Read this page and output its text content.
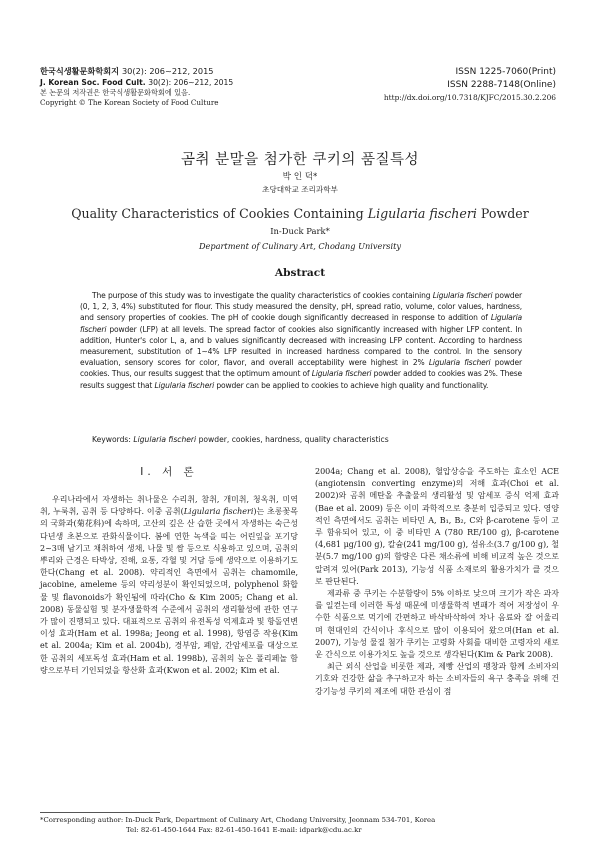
한국식생활문화학회지 30(2): 206~212, 2015
J. Korean Soc. Food Cult. 30(2): 206~212, 2015
본 논문의 저작권은 한국식생활문화학회에 있음.
Copyright © The Korean Society of Food Culture
ISSN 1225-7060(Print)
ISSN 2288-7148(Online)
http://dx.doi.org/10.7318/KJFC/2015.30.2.206
곰취 분말을 첨가한 쿠키의 품질특성
박 인 덕*
초당대학교 조리과학부
Quality Characteristics of Cookies Containing Ligularia fischeri Powder
In-Duck Park*
Department of Culinary Art, Chodang University
Abstract
The purpose of this study was to investigate the quality characteristics of cookies containing Ligularia fischeri powder (0, 1, 2, 3, 4%) substituted for flour. This study measured the density, pH, spread ratio, volume, color values, hardness, and sensory properties of cookies. The pH of cookie dough significantly decreased in response to addition of Ligularia fischeri powder (LFP) at all levels. The spread factor of cookies also significantly increased with higher LFP content. In addition, Hunter's color L, a, and b values significantly decreased with increasing LFP content. According to hardness measurement, substitution of 1~4% LFP resulted in increased hardness compared to the control. In the sensory evaluation, sensory scores for color, flavor, and overall acceptability were highest in 2% Ligularia fischeri powder cookies. Thus, our results suggest that the optimum amount of Ligularia fischeri powder added to cookies was 2%. These results suggest that Ligularia fischeri powder can be applied to cookies to achieve high quality and functionality.
Keywords: Ligularia fischeri powder, cookies, hardness, quality characteristics
Ⅰ. 서 론

우리나라에서 자생하는 취나물은 수리취, 참취, 개미취, 청옥취, 미역취, 누룩취, 곰취 등 다양하다. 이중 곰취(Ligularia fischeri)는 초롱꽃목의 국화과(菊花科)에 속하며, 고산의 깊은 산 습한 곳에서 자생하는 숙근성 다년생 초본으로 관화식물이다. 봄에 연한 녹색을 띠는 어린잎을 포기당 2~3매 남기고 채취하여 생채, 나물 및 쌈 등으로 식용하고 있으며, 곰취의 뿌리와 근경은 타박상, 진해, 요통, 각혈 및 거담 등에 생약으로 이용하기도 한다(Chang et al. 2008). 약리적인 측면에서 곰취는 chamomile, jacobine, ameleme 등의 약리성분이 확인되었으며, polyphenol 화합물 및 flavonoids가 확인됨에 따라(Cho & Kim 2005; Chang et al. 2008) 동물실험 및 분자생물학적 수준에서 곰취의 생리활성에 관한 연구가 많이 진행되고 있다. 대표적으로 곰취의 유전독성 억제효과 및 항돌연변이성 효과(Ham et al. 1998a; Jeong et al. 1998), 항염증 작용(Kim et al. 2004a; Kim et al. 2004b), 경부암, 폐암, 간암세포를 대상으로 한 곰취의 세포독성 효과(Ham et al. 1998b), 곰취의 높은 폴리페놀 함량으로부터 기인되었을 항산화 효과(Kwon et al. 2002; Kim et al.

2004a; Chang et al. 2008), 혈압상승을 주도하는 효소인 ACE (angiotensin converting enzyme)의 저해 효과(Choi et al. 2002)와 곰취 메탄올 추출물의 생리활성 및 암세포 증식 억제 효과(Bae et al. 2009) 등은 이미 과학적으로 충분히 입증되고 있다. 영양적인 측면에서도 곰취는 비타민 A, B₁, B₂, C와 β-carotene 등이 고루 함유되어 있고, 이 중 비타민 A (780 RE/100 g), β-carotene (4,681 μg/100 g), 칼슘(241 mg/100 g), 섬유소(3.7 g/100 g), 철분(5.7 mg/100 g)의 함량은 다른 채소류에 비해 비교적 높은 것으로 알려져 있어(Park 2013), 기능성 식품 소재로의 활용가치가 클 것으로 판단된다.

제과류 중 쿠키는 수분함량이 5% 이하로 낮으며 크기가 작은 과자를 일컫는데 이러한 특성 때문에 미생물학적 변패가 적어 저장성이 우수한 식품으로 먹기에 간편하고 바삭바삭하여 차나 음료와 잘 어울리며 현대인의 간식이나 후식으로 많이 이용되어 왔으며(Han et al. 2007), 기능성 물질 첨가 쿠키는 고령화 사회를 대비한 고령자의 새로운 간식으로 이용가치도 높을 것으로 생각된다(Kim & Park 2008).

최근 외식 산업을 비롯한 제과, 제빵 산업의 팽창과 함께 소비자의 기호와 건강한 삶을 추구하고자 하는 소비자들의 욕구 충족을 위해 건강기능성 쿠키의 제조에 대한 관심이 점

*Corresponding author: In-Duck Park, Department of Culinary Art, Chodang University, Jeonnam 534-701, Korea
Tel: 82-61-450-1644 Fax: 82-61-450-1641 E-mail: idpark@cdu.ac.kr
